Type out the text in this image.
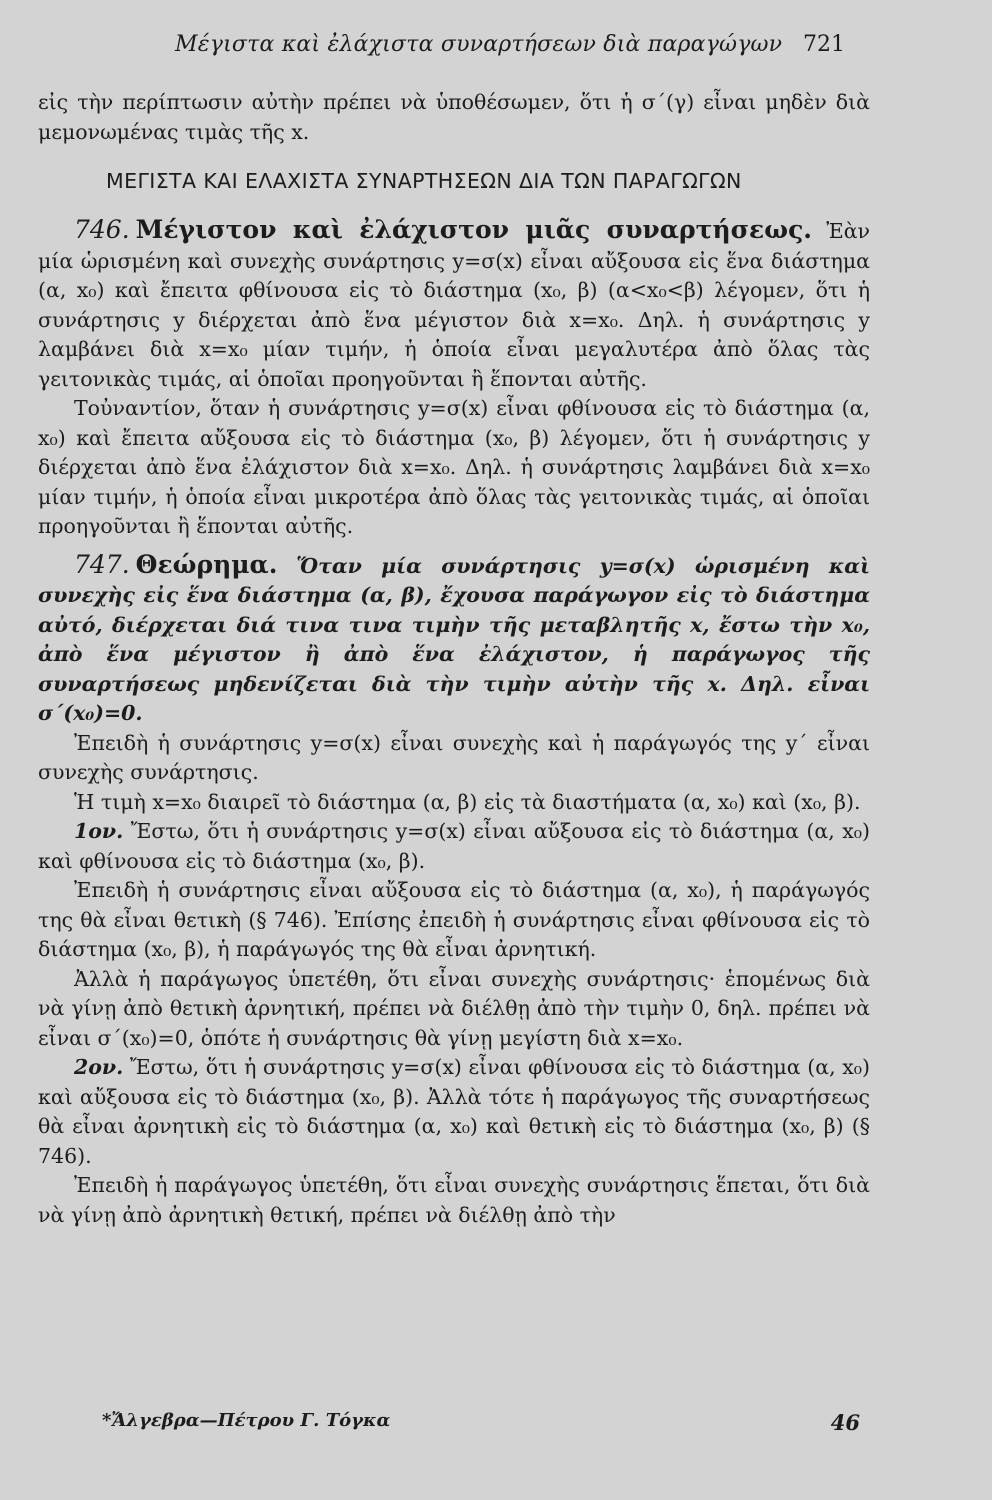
Μέγιστα καὶ ἐλάχιστα συναρτήσεων διὰ παραγώγων 721

εἰς τὴν περίπτωσιν αὐτὴν πρέπει νὰ ὑποθέσωμεν, ὅτι ἡ σ΄(γ) εἶναι μηδὲν διὰ μεμονωμένας τιμὰς τῆς x.

ΜΕΓΙΣΤΑ ΚΑΙ ΕΛΑΧΙΣΤΑ ΣΥΝΑΡΤΗΣΕΩΝ ΔΙΑ ΤΩΝ ΠΑΡΑΓΩΓΩΝ

746. Μέγιστον καὶ ἐλάχιστον μιᾶς συναρτήσεως. Ἐὰν μία ὡρισμένη καὶ συνεχὴς συνάρτησις y=σ(x) εἶναι αὔξουσα εἰς ἕνα διάστημα (α, x₀) καὶ ἔπειτα φθίνουσα εἰς τὸ διάστημα (x₀, β) (α<x₀<β) λέγομεν, ὅτι ἡ συνάρτησις y διέρχεται ἀπὸ ἕνα μέγιστον διὰ x=x₀. Δηλ. ἡ συνάρτησις y λαμβάνει διὰ x=x₀ μίαν τιμήν, ἡ ὁποία εἶναι μεγαλυτέρα ἀπὸ ὅλας τὰς γειτονικὰς τιμάς, αἱ ὁποῖαι προηγοῦνται ἢ ἕπονται αὐτῆς.

Τοὐναντίον, ὅταν ἡ συνάρτησις y=σ(x) εἶναι φθίνουσα εἰς τὸ διάστημα (α, x₀) καὶ ἔπειτα αὔξουσα εἰς τὸ διάστημα (x₀, β) λέγομεν, ὅτι ἡ συνάρτησις y διέρχεται ἀπὸ ἕνα ἐλάχιστον διὰ x=x₀. Δηλ. ἡ συνάρτησις λαμβάνει διὰ x=x₀ μίαν τιμήν, ἡ ὁποία εἶναι μικροτέρα ἀπὸ ὅλας τὰς γειτονικὰς τιμάς, αἱ ὁποῖαι προηγοῦνται ἢ ἕπονται αὐτῆς.

747. Θεώρημα. Ὅταν μία συνάρτησις y=σ(x) ὡρισμένη καὶ συνεχὴς εἰς ἕνα διάστημα (α, β), ἔχουσα παράγωγον εἰς τὸ διάστημα αὐτό, διέρχεται διά τινα τινα τιμὴν τῆς μεταβλητῆς x, ἔστω τὴν x₀, ἀπὸ ἕνα μέγιστον ἢ ἀπὸ ἕνα ἐλάχιστον, ἡ παράγωγος τῆς συναρτήσεως μηδενίζεται διὰ τὴν τιμὴν αὐτὴν τῆς x. Δηλ. εἶναι σ΄(x₀)=0.

Ἐπειδὴ ἡ συνάρτησις y=σ(x) εἶναι συνεχὴς καὶ ἡ παράγωγός της y΄ εἶναι συνεχὴς συνάρτησις.

Ἡ τιμὴ x=x₀ διαιρεῖ τὸ διάστημα (α, β) εἰς τὰ διαστήματα (α, x₀) καὶ (x₀, β).

1ον. Ἔστω, ὅτι ἡ συνάρτησις y=σ(x) εἶναι αὔξουσα εἰς τὸ διάστημα (α, x₀) καὶ φθίνουσα εἰς τὸ διάστημα (x₀, β).

Ἐπειδὴ ἡ συνάρτησις εἶναι αὔξουσα εἰς τὸ διάστημα (α, x₀), ἡ παράγωγός της θὰ εἶναι θετικὴ (§ 746). Ἐπίσης ἐπειδὴ ἡ συνάρτησις εἶναι φθίνουσα εἰς τὸ διάστημα (x₀, β), ἡ παράγωγός της θὰ εἶναι ἀρνητική.

Ἀλλὰ ἡ παράγωγος ὑπετέθη, ὅτι εἶναι συνεχὴς συνάρτησις· ἑπομένως διὰ νὰ γίνῃ ἀπὸ θετικὴ ἀρνητική, πρέπει νὰ διέλθῃ ἀπὸ τὴν τιμὴν 0, δηλ. πρέπει νὰ εἶναι σ΄(x₀)=0, ὁπότε ἡ συνάρτησις θὰ γίνῃ μεγίστη διὰ x=x₀.

2ον. Ἔστω, ὅτι ἡ συνάρτησις y=σ(x) εἶναι φθίνουσα εἰς τὸ διάστημα (α, x₀) καὶ αὔξουσα εἰς τὸ διάστημα (x₀, β). Ἀλλὰ τότε ἡ παράγωγος τῆς συναρτήσεως θὰ εἶναι ἀρνητικὴ εἰς τὸ διάστημα (α, x₀) καὶ θετικὴ εἰς τὸ διάστημα (x₀, β) (§ 746).

Ἐπειδὴ ἡ παράγωγος ὑπετέθη, ὅτι εἶναι συνεχὴς συνάρτησις ἕπεται, ὅτι διὰ νὰ γίνῃ ἀπὸ ἀρνητικὴ θετική, πρέπει νὰ διέλθῃ ἀπὸ τὴν

*Ἄλγεβρα—Πέτρου Γ. Τόγκα	46
